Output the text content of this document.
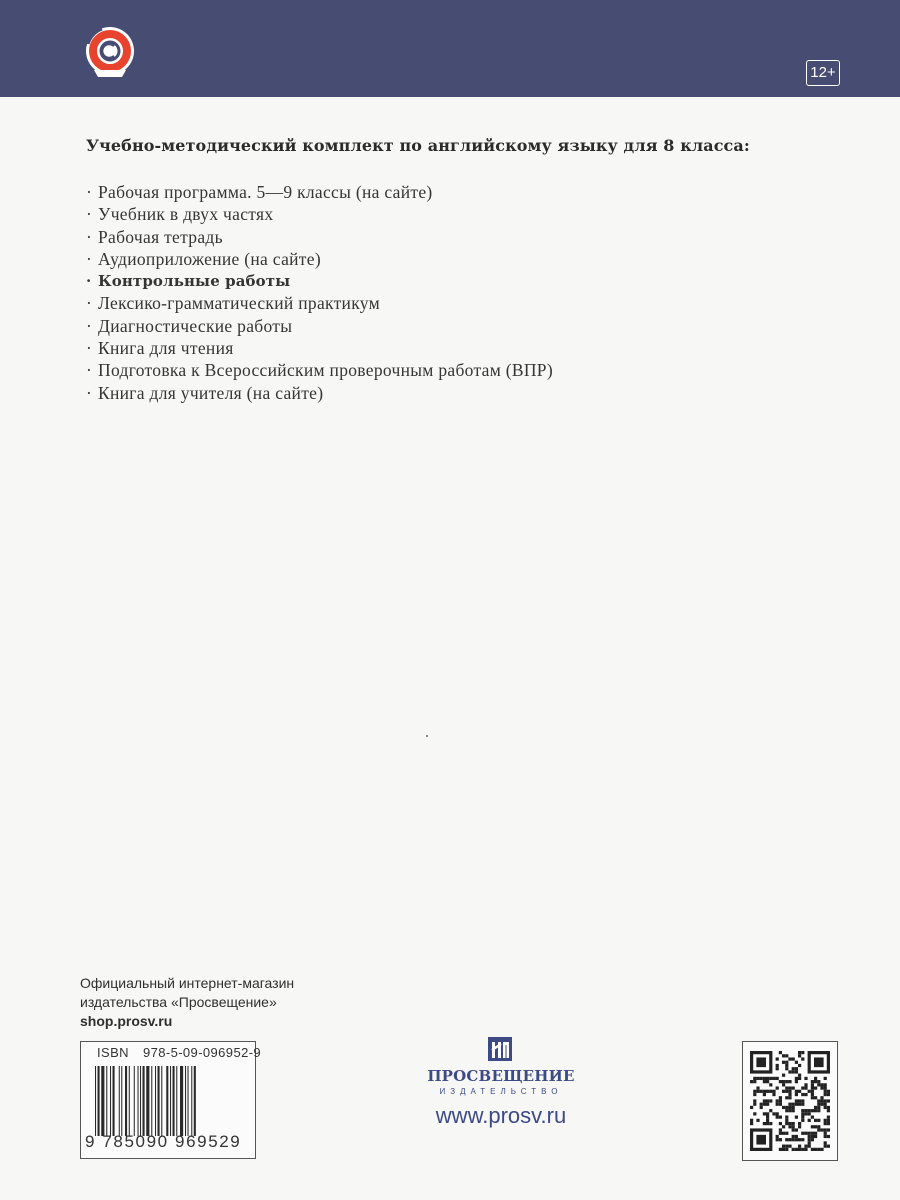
12+
Учебно-методический комплект по английскому языку для 8 класса:
· Рабочая программа. 5—9 классы (на сайте)
· Учебник в двух частях
· Рабочая тетрадь
· Аудиоприложение (на сайте)
· Контрольные работы
· Лексико-грамматический практикум
· Диагностические работы
· Книга для чтения
· Подготовка к Всероссийским проверочным работам (ВПР)
· Книга для учителя (на сайте)
Официальный интернет-магазин
издательства «Просвещение»
shop.prosv.ru
ISBN 978-5-09-096952-9
9 785090 969529
ПРОСВЕЩЕНИЕ
ИЗДАТЕЛЬСТВО
www.prosv.ru
